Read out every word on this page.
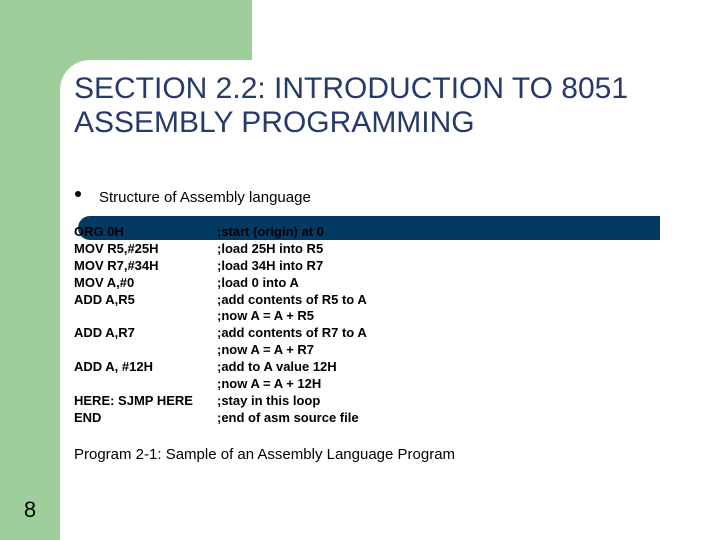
SECTION 2.2: INTRODUCTION TO 8051
ASSEMBLY PROGRAMMING
Structure of Assembly language
ORG 0H	;start (origin) at 0
MOV R5,#25H	;load 25H into R5
MOV R7,#34H	;load 34H into R7
MOV A,#0	;load 0 into A
ADD A,R5	;add contents of R5 to A
;now A = A + R5
ADD A,R7	;add contents of R7 to A
;now A = A + R7
ADD A, #12H	;add to A value 12H
;now A = A + 12H
HERE: SJMP HERE	;stay in this loop
END	;end of asm source file
Program 2-1: Sample of an Assembly Language Program
8
